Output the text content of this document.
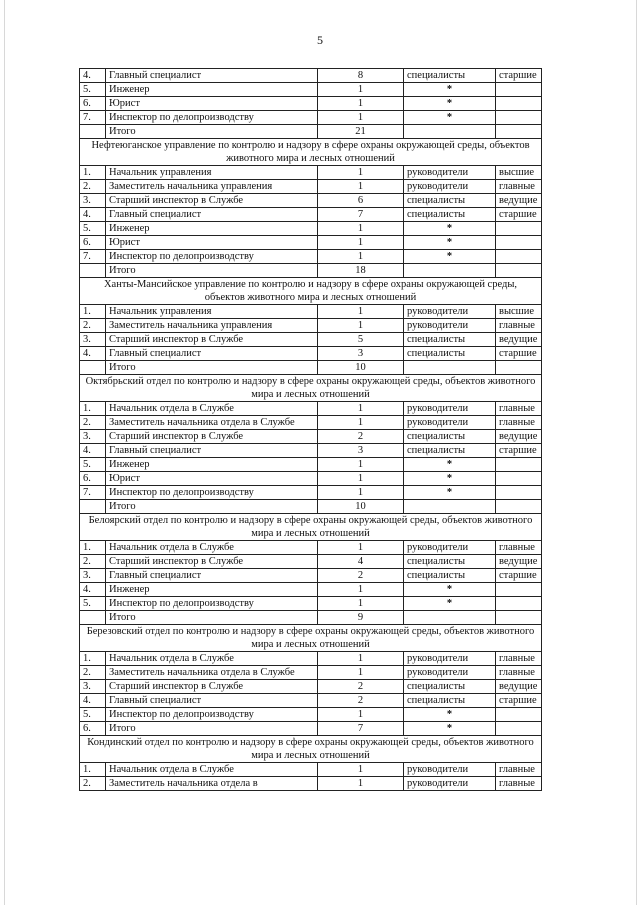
5
4.	Главный специалист	8	специалисты	старшие
5.	Инженер	1	*	
6.	Юрист	1	*	
7.	Инспектор по делопроизводству	1	*	
	Итого	21		
Нефтеюганское управление по контролю и надзору в сфере охраны окружающей среды, объектов животного мира и лесных отношений				
1.	Начальник управления	1	руководители	высшие
2.	Заместитель начальника управления	1	руководители	главные
3.	Старший инспектор в Службе	6	специалисты	ведущие
4.	Главный специалист	7	специалисты	старшие
5.	Инженер	1	*	
6.	Юрист	1	*	
7.	Инспектор по делопроизводству	1	*	
	Итого	18		
Ханты-Мансийское управление по контролю и надзору в сфере охраны окружающей среды, объектов животного мира и лесных отношений				
1.	Начальник управления	1	руководители	высшие
2.	Заместитель начальника управления	1	руководители	главные
3.	Старший инспектор в Службе	5	специалисты	ведущие
4.	Главный специалист	3	специалисты	старшие
	Итого	10		
Октябрьский отдел по контролю и надзору в сфере охраны окружающей среды, объектов животного мира и лесных отношений				
1.	Начальник отдела в Службе	1	руководители	главные
2.	Заместитель начальника отдела в Службе	1	руководители	главные
3.	Старший инспектор в Службе	2	специалисты	ведущие
4.	Главный специалист	3	специалисты	старшие
5.	Инженер	1	*	
6.	Юрист	1	*	
7.	Инспектор по делопроизводству	1	*	
	Итого	10		
Белоярский отдел по контролю и надзору в сфере охраны окружающей среды, объектов животного мира и лесных отношений				
1.	Начальник отдела в Службе	1	руководители	главные
2.	Старший инспектор в Службе	4	специалисты	ведущие
3.	Главный специалист	2	специалисты	старшие
4.	Инженер	1	*	
5.	Инспектор по делопроизводству	1	*	
	Итого	9		
Березовский отдел по контролю и надзору в сфере охраны окружающей среды, объектов животного мира и лесных отношений				
1.	Начальник отдела в Службе	1	руководители	главные
2.	Заместитель начальника отдела в Службе	1	руководители	главные
3.	Старший инспектор в Службе	2	специалисты	ведущие
4.	Главный специалист	2	специалисты	старшие
5.	Инспектор по делопроизводству	1	*	
6.	Итого	7	*	
Кондинский отдел по контролю и надзору в сфере охраны окружающей среды, объектов животного мира и лесных отношений				
1.	Начальник отдела в Службе	1	руководители	главные
2.	Заместитель начальника отдела в	1	руководители	главные
